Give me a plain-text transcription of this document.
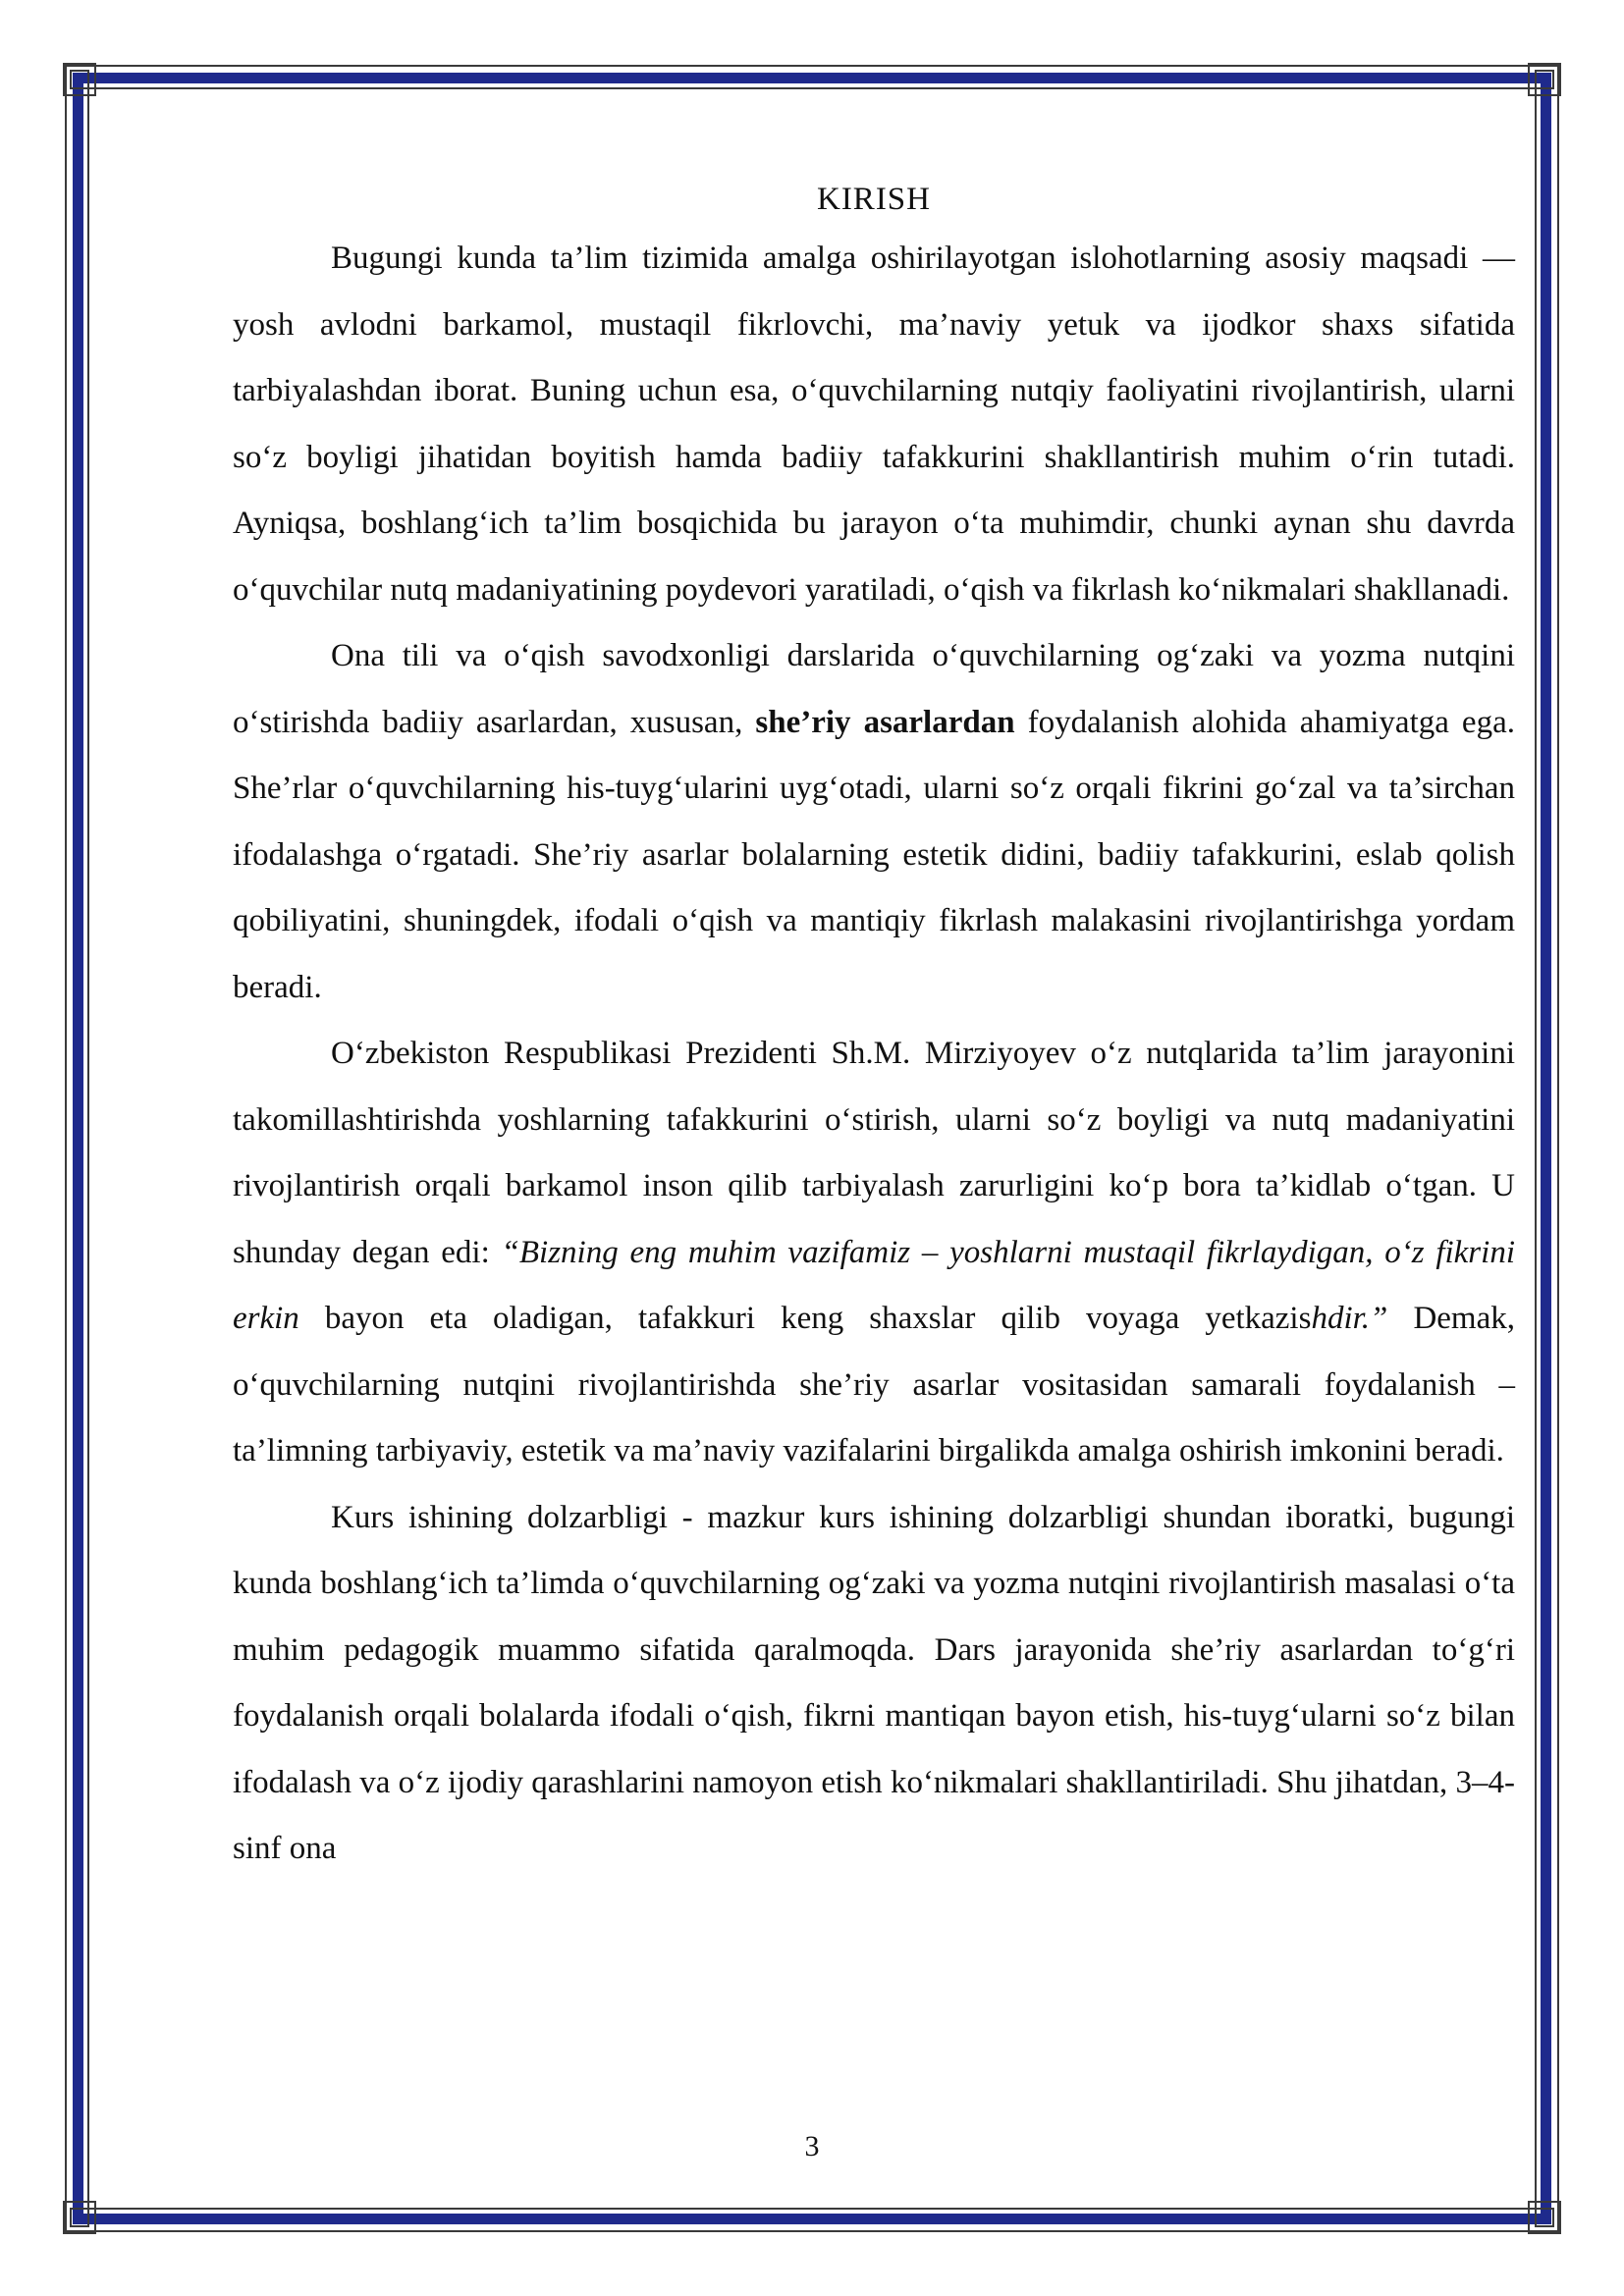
KIRISH

Bugungi kunda ta’lim tizimida amalga oshirilayotgan islohotlarning asosiy maqsadi — yosh avlodni barkamol, mustaqil fikrlovchi, ma’naviy yetuk va ijodkor shaxs sifatida tarbiyalashdan iborat. Buning uchun esa, o‘quvchilarning nutqiy faoliyatini rivojlantirish, ularni so‘z boyligi jihatidan boyitish hamda badiiy tafakkurini shakllantirish muhim o‘rin tutadi. Ayniqsa, boshlang‘ich ta’lim bosqichida bu jarayon o‘ta muhimdir, chunki aynan shu davrda o‘quvchilar nutq madaniyatining poydevori yaratiladi, o‘qish va fikrlash ko‘nikmalari shakllanadi.

Ona tili va o‘qish savodxonligi darslarida o‘quvchilarning og‘zaki va yozma nutqini o‘stirishda badiiy asarlardan, xususan, she’riy asarlardan foydalanish alohida ahamiyatga ega. She’rlar o‘quvchilarning his-tuyg‘ularini uyg‘otadi, ularni so‘z orqali fikrini go‘zal va ta’sirchan ifodalashga o‘rgatadi. She’riy asarlar bolalarning estetik didini, badiiy tafakkurini, eslab qolish qobiliyatini, shuningdek, ifodali o‘qish va mantiqiy fikrlash malakasini rivojlantirishga yordam beradi.

O‘zbekiston Respublikasi Prezidenti Sh.M. Mirziyoyev o‘z nutqlarida ta’lim jarayonini takomillashtirishda yoshlarning tafakkurini o‘stirish, ularni so‘z boyligi va nutq madaniyatini rivojlantirish orqali barkamol inson qilib tarbiyalash zarurligini ko‘p bora ta’kidlab o‘tgan. U shunday degan edi: “Bizning eng muhim vazifamiz – yoshlarni mustaqil fikrlaydigan, o‘z fikrini erkin bayon eta oladigan, tafakkuri keng shaxslar qilib voyaga yetkazishdir.” Demak, o‘quvchilarning nutqini rivojlantirishda she’riy asarlar vositasidan samarali foydalanish – ta’limning tarbiyaviy, estetik va ma’naviy vazifalarini birgalikda amalga oshirish imkonini beradi.

Kurs ishining dolzarbligi - mazkur kurs ishining dolzarbligi shundan iboratki, bugungi kunda boshlang‘ich ta’limda o‘quvchilarning og‘zaki va yozma nutqini rivojlantirish masalasi o‘ta muhim pedagogik muammo sifatida qaralmoqda. Dars jarayonida she’riy asarlardan to‘g‘ri foydalanish orqali bolalarda ifodali o‘qish, fikrni mantiqan bayon etish, his-tuyg‘ularni so‘z bilan ifodalash va o‘z ijodiy qarashlarini namoyon etish ko‘nikmalari shakllantiriladi. Shu jihatdan, 3–4-sinf ona

3
